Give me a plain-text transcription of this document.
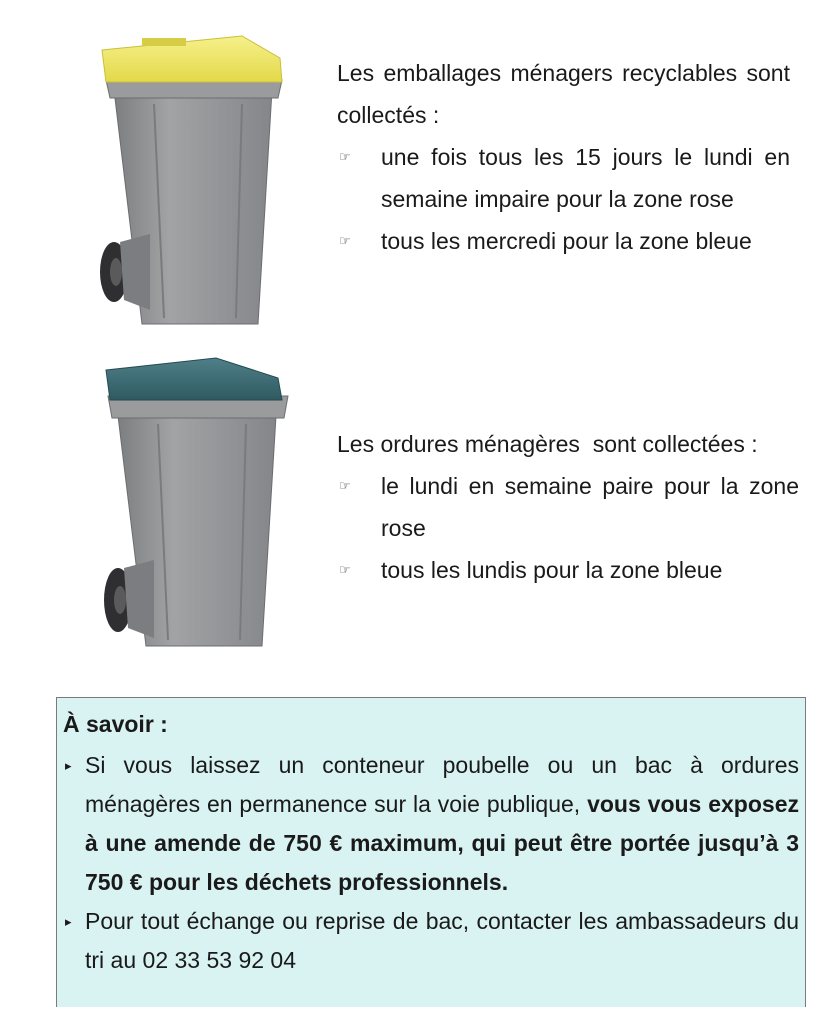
Les emballages ménagers recyclables sont collectés :
☞ une fois tous les 15 jours le lundi en semaine impaire pour la zone rose
☞ tous les mercredi pour la zone bleue
Les ordures ménagères  sont collectées :
☞ le lundi en semaine paire pour la zone rose
☞ tous les lundis pour la zone bleue
À savoir :
▸ Si vous laissez un conteneur poubelle ou un bac à ordures ménagères en permanence sur la voie publique, vous vous exposez à une amende de 750 € maximum, qui peut être portée jusqu’à 3 750 € pour les déchets professionnels.
▸ Pour tout échange ou reprise de bac, contacter les ambassadeurs du tri au 02 33 53 92 04
